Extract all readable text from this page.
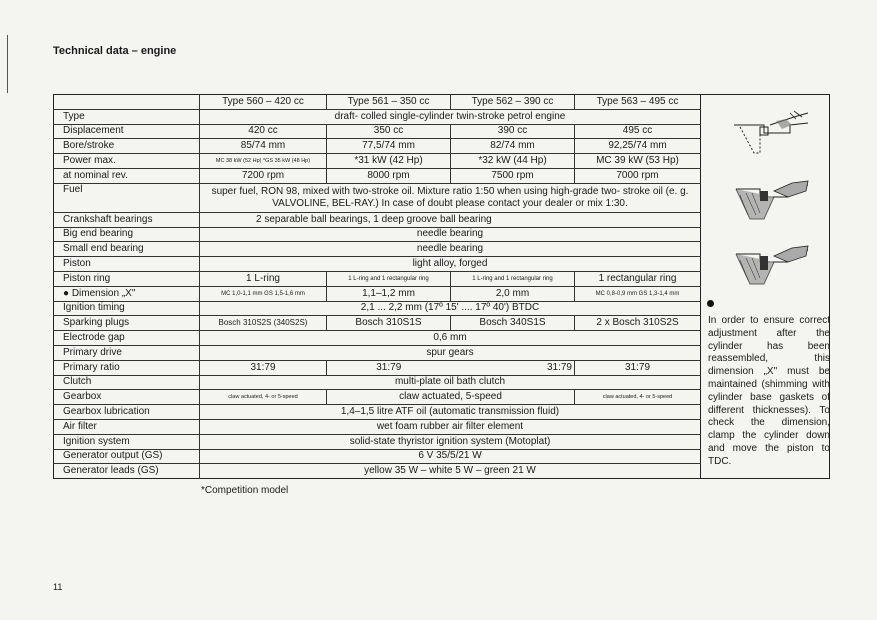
Technical data – engine
	Type 560 – 420 cc	Type 561 – 350 cc	Type 562 – 390 cc	Type 563 – 495 cc
Type	draft- colled single-cylinder twin-stroke petrol engine			
Displacement	420 cc	350 cc	390 cc	495 cc
Bore/stroke	85/74 mm	77,5/74 mm	82/74 mm	92,25/74 mm
Power max.	MC 38 kW (52 Hp) *GS 35 kW (48 Hp)	*31 kW (42 Hp)	*32 kW (44 Hp)	MC 39 kW (53 Hp)
at nominal rev.	7200 rpm	8000 rpm	7500 rpm	7000 rpm
Fuel	super fuel, RON 98, mixed with two-stroke oil. Mixture ratio 1:50 when using high-grade two- stroke oil (e. g. VALVOLINE, BEL-RAY.) In case of doubt please contact your dealer or mix 1:30.			
Crankshaft bearings	2 separable ball bearings, 1 deep groove ball bearing			
Big end bearing	needle bearing			
Small end bearing	needle bearing			
Piston	light alloy, forged			
Piston ring	1 L-ring	1 L-ring and 1 rectangular ring	1 L-ring and 1 rectangular ring	1 rectangular ring
● Dimension „X"	MC 1,0-1,1 mm GS 1,5-1,6 mm	1,1–1,2 mm	2,0 mm	MC 0,8-0,9 mm GS 1,3-1,4 mm
Ignition timing	2,1 ... 2,2 mm (17º 15' .... 17º 40') BTDC			
Sparking plugs	Bosch 310S2S (340S2S)	Bosch 310S1S	Bosch 340S1S	2 x Bosch 310S2S
Electrode gap	0,6 mm			
Primary drive	spur gears			
Primary ratio	31:79	31:79	31:79	31:79
Clutch	multi-plate oil bath clutch			
Gearbox	claw actuated, 4- or 5-speed	claw actuated, 5-speed		claw actuated, 4- or 5-speed
Gearbox lubrication	1,4–1,5 litre ATF oil (automatic transmission fluid)			
Air filter	wet foam rubber air filter element			
Ignition system	solid-state thyristor ignition system (Motoplat)			
Generator output (GS)	6 V 35/5/21 W			
Generator leads (GS)	yellow 35 W – white 5 W – green 21 W			
In order to ensure correct adjustment after the cylinder has been reassembled, this dimension „X" must be maintained (shimming with cylinder base gaskets of different thicknesses). To check the dimension, clamp the cylinder down and move the piston to TDC.
*Competition model
11
